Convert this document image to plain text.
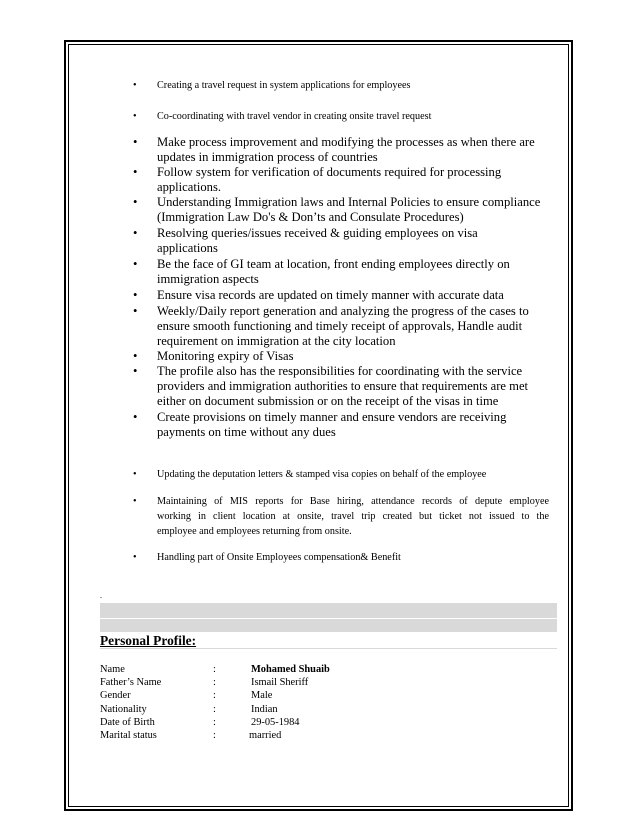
• Creating a travel request in system applications for employees
• Co-coordinating with travel vendor in creating onsite travel request
• Make process improvement and modifying the processes as when there are
updates in immigration process of countries
• Follow system for verification of documents required for processing
applications.
• Understanding Immigration laws and Internal Policies to ensure compliance
(Immigration Law Do's & Don’ts and Consulate Procedures)
• Resolving queries/issues received & guiding employees on visa
applications
• Be the face of GI team at location, front ending employees directly on
immigration aspects
• Ensure visa records are updated on timely manner with accurate data
• Weekly/Daily report generation and analyzing the progress of the cases to
ensure smooth functioning and timely receipt of approvals, Handle audit
requirement on immigration at the city location
• Monitoring expiry of Visas
• The profile also has the responsibilities for coordinating with the service
providers and immigration authorities to ensure that requirements are met
either on document submission or on the receipt of the visas in time
• Create provisions on timely manner and ensure vendors are receiving
payments on time without any dues
• Updating the deputation letters & stamped visa copies on behalf of the employee
• Maintaining of MIS reports for Base hiring, attendance records of depute employee
working in client location at onsite, travel trip created but ticket not issued to the
employee and employees returning from onsite.
• Handling part of Onsite Employees compensation& Benefit
.
Personal Profile:
Name	:	Mohamed Shuaib
Father’s Name	:	Ismail Sheriff
Gender	:	Male
Nationality	:	Indian
Date of Birth	:	29-05-1984
Marital status	:	married
